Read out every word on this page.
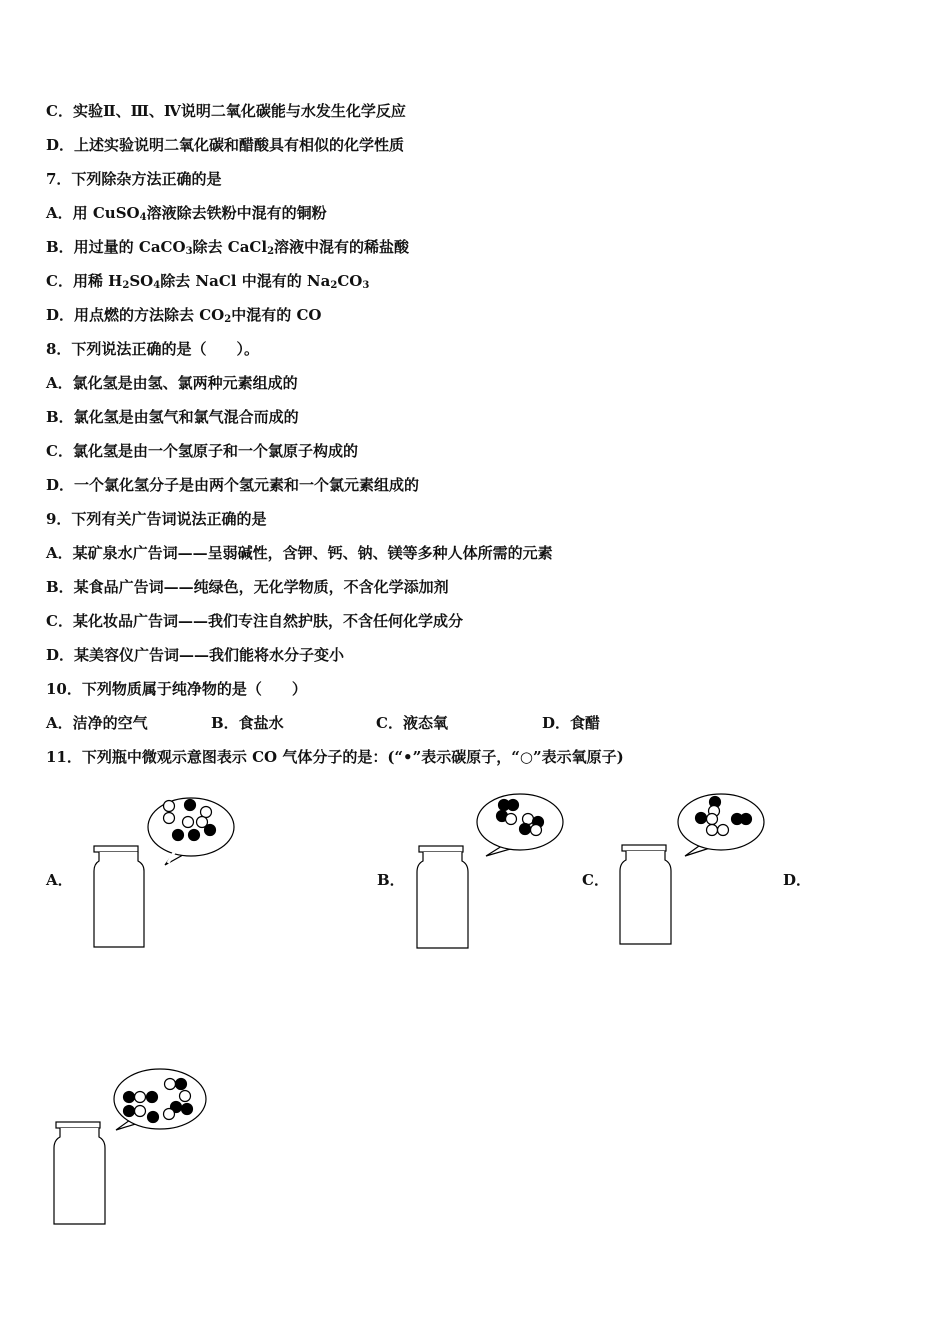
C．实验Ⅱ、Ⅲ、Ⅳ说明二氧化碳能与水发生化学反应
D．上述实验说明二氧化碳和醋酸具有相似的化学性质
7．下列除杂方法正确的是
A．用 CuSO$_4$溶液除去铁粉中混有的铜粉
B．用过量的 CaCO$_3$除去 CaCl$_2$溶液中混有的稀盐酸
C．用稀 $H_2SO_4$除去 NaCl 中混有的 $Na_2CO_3$
D．用点燃的方法除去 $CO_2$中混有的 CO
8．下列说法正确的是（　　）。
A．氯化氢是由氢、氯两种元素组成的
B．氯化氢是由氢气和氯气混合而成的
C．氯化氢是由一个氢原子和一个氯原子构成的
D．一个氯化氢分子是由两个氢元素和一个氯元素组成的
9．下列有关广告词说法正确的是
A．某矿泉水广告词——呈弱碱性，含钾、钙、钠、镁等多种人体所需的元素
B．某食品广告词——纯绿色，无化学物质，不含化学添加剂
C．某化妆品广告词——我们专注自然护肤，不含任何化学成分
D．某美容仪广告词——我们能将水分子变小
10．下列物质属于纯净物的是（　　）
A．洁净的空气	B．食盐水	C．液态氧	D．食醋
11．下列瓶中微观示意图表示 CO 气体分子的是：(“•”表示碳原子，“○”表示氧原子)
A．	B．	C．	D．
